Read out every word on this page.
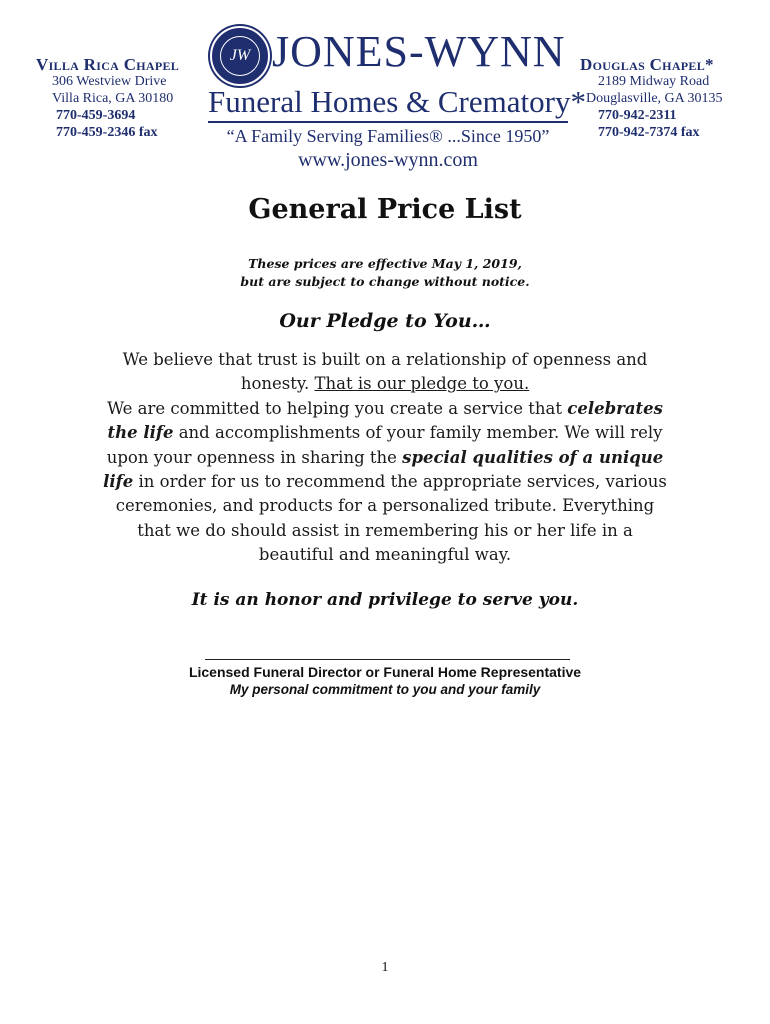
Villa Rica Chapel
306 Westview Drive
Villa Rica, GA 30180
770-459-3694
770-459-2346 fax
JW JONES-WYNN
Funeral Homes & Crematory*
“A Family Serving Families® ...Since 1950”
www.jones-wynn.com
Douglas Chapel*
2189 Midway Road
Douglasville, GA 30135
770-942-2311
770-942-7374 fax
General Price List
These prices are effective May 1, 2019,
but are subject to change without notice.
Our Pledge to You…
We believe that trust is built on a relationship of openness and honesty. That is our pledge to you.
We are committed to helping you create a service that celebrates the life and accomplishments of your family member. We will rely upon your openness in sharing the special qualities of a unique life in order for us to recommend the appropriate services, various ceremonies, and products for a personalized tribute. Everything that we do should assist in remembering his or her life in a beautiful and meaningful way.
It is an honor and privilege to serve you.
Licensed Funeral Director or Funeral Home Representative
My personal commitment to you and your family
1
